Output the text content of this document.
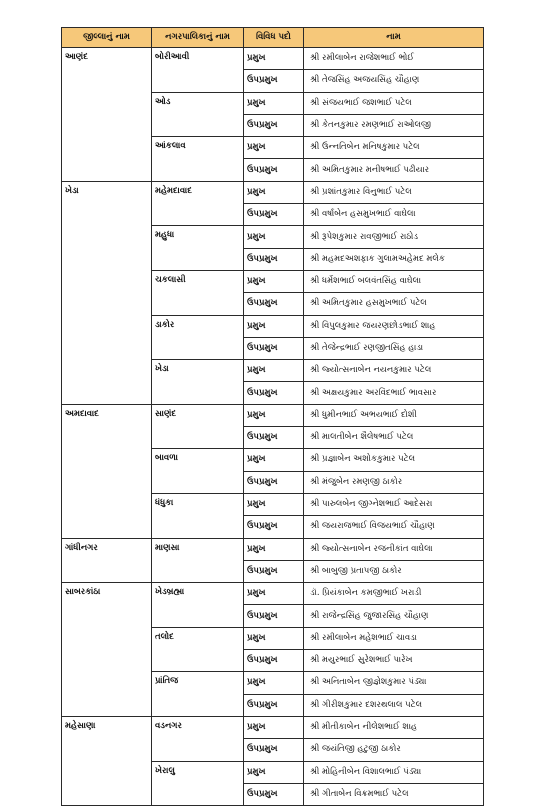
જીલ્લાનું નામ	નગરપાલિકાનું નામ	વિવિધ પદો	નામ
આણંદ	બોરીઆવી	પ્રમુખ	શ્રી રમીલાબેન રાજેશભાઈ ભોઈ
		ઉપપ્રમુખ	શ્રી તેજસિંહ અજયસિંહ ચૌહાણ
	ઓડ	પ્રમુખ	શ્રી સંજયભાઈ જશભાઈ પટેલ
		ઉપપ્રમુખ	શ્રી કેતનકુમાર રમણભાઈ રાઓલજી
	આંકલાવ	પ્રમુખ	શ્રી ઉન્નતિબેન મનિષકુમાર પટેલ
		ઉપપ્રમુખ	શ્રી અમિતકુમાર મનીષભાઈ પઢીયાર
ખેડા	મહેમદાવાદ	પ્રમુખ	શ્રી પ્રશાંતકુમાર વિનુભાઈ પટેલ
		ઉપપ્રમુખ	શ્રી વર્ષાબેન હસમુખભાઈ વાઘેલા
	મહુધા	પ્રમુખ	શ્રી રૂપેશકુમાર રાવજીભાઈ રાઠોડ
		ઉપપ્રમુખ	શ્રી મહમદઅશફાક ગુલામઅહેમદ મલેક
	ચકલાસી	પ્રમુખ	શ્રી ધર્મેશભાઈ બલવંતસિંહ વાઘેલા
		ઉપપ્રમુખ	શ્રી અમિતકુમાર હસમુખભાઈ પટેલ
	ડાકોર	પ્રમુખ	શ્રી વિપુલકુમાર જયરણછોડભાઈ શાહ
		ઉપપ્રમુખ	શ્રી તેજેન્દ્રભાઈ રણજીતસિંહ હાડા
	ખેડા	પ્રમુખ	શ્રી જ્યોત્સનાબેન નયનકુમાર પટેલ
		ઉપપ્રમુખ	શ્રી અક્ષયકુમાર અરવિંદભાઈ ભાવસાર
અમદાવાદ	સાણંદ	પ્રમુખ	શ્રી ધુમીનભાઈ અભયભાઈ દોશી
		ઉપપ્રમુખ	શ્રી માલતીબેન શૈલેષભાઈ પટેલ
	બાવળા	પ્રમુખ	શ્રી પ્રજ્ઞાબેન અશોકકુમાર પટેલ
		ઉપપ્રમુખ	શ્રી મંજુબેન રમણજી ઠાકોર
	ધંધુકા	પ્રમુખ	શ્રી પારુલબેન જીગ્નેશભાઈ આદેસરા
		ઉપપ્રમુખ	શ્રી જયરાજભાઈ વિજયભાઈ ચૌહાણ
ગાંધીનગર	માણસા	પ્રમુખ	શ્રી જ્યોત્સનાબેન રજનીકાંત વાઘેલા
		ઉપપ્રમુખ	શ્રી બાબુજી પ્રતાપજી ઠાકોર
સાબરકાંઠા	ખેડબ્રહ્મા	પ્રમુખ	ડૉ. પ્રિયંકાબેન કમજીભાઈ ખરાડી
		ઉપપ્રમુખ	શ્રી રાજેન્દ્રસિંહ જુજારસિંહ ચૌહાણ
	તલોદ	પ્રમુખ	શ્રી રમીલાબેન મહેશભાઈ ચાવડા
		ઉપપ્રમુખ	શ્રી મયુરભાઈ સુરેશભાઈ પારેખ
	પ્રાંતિજ	પ્રમુખ	શ્રી અનિતાબેન જીજ્ઞેશકુમાર પંડ્યા
		ઉપપ્રમુખ	શ્રી ગીરીશકુમાર દશરથલાલ પટેલ
મહેસાણા	વડનગર	પ્રમુખ	શ્રી મીતીકાબેન નીલેશભાઈ શાહ
		ઉપપ્રમુખ	શ્રી જયંતિજી હટુજી ઠાકોર
	ખેરાલુ	પ્રમુખ	શ્રી મોહિનીબેન વિશાલભાઈ પંડ્યા
		ઉપપ્રમુખ	શ્રી ગીતાબેન વિક્રમભાઈ પટેલ
